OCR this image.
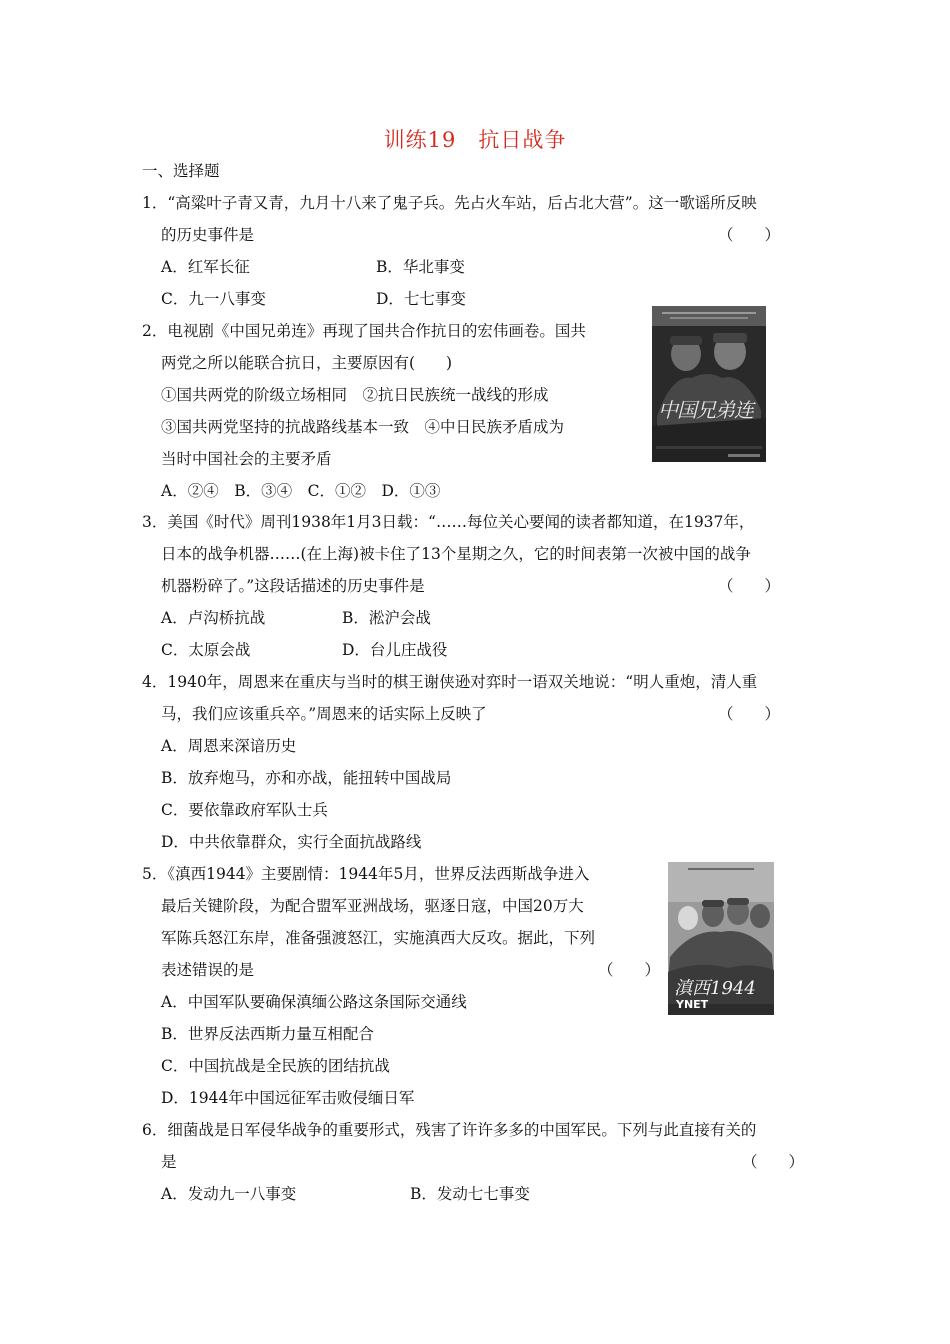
训练19 抗日战争
一、选择题
1．“高粱叶子青又青，九月十八来了鬼子兵。先占火车站，后占北大营”。这一歌谣所反映
的历史事件是	（　　）
A．红军长征	B．华北事变
C．九一八事变	D．七七事变
2．电视剧《中国兄弟连》再现了国共合作抗日的宏伟画卷。国共
两党之所以能联合抗日，主要原因有(　　)
①国共两党的阶级立场相同　②抗日民族统一战线的形成
③国共两党坚持的抗战路线基本一致　④中日民族矛盾成为
当时中国社会的主要矛盾
A．②④　B．③④　C．①②　D．①③
中国兄弟连
3．美国《时代》周刊1938年1月3日载：“……每位关心要闻的读者都知道，在1937年，
日本的战争机器……(在上海)被卡住了13个星期之久，它的时间表第一次被中国的战争
机器粉碎了。”这段话描述的历史事件是	（　　）
A．卢沟桥抗战	B．淞沪会战
C．太原会战	D．台儿庄战役
4．1940年，周恩来在重庆与当时的棋王谢侠逊对弈时一语双关地说：“明人重炮，清人重
马，我们应该重兵卒。”周恩来的话实际上反映了	（　　）
A．周恩来深谙历史
B．放弃炮马，亦和亦战，能扭转中国战局
C．要依靠政府军队士兵
D．中共依靠群众，实行全面抗战路线
5．《滇西1944》主要剧情：1944年5月，世界反法西斯战争进入
最后关键阶段，为配合盟军亚洲战场，驱逐日寇，中国20万大
军陈兵怒江东岸，准备强渡怒江，实施滇西大反攻。据此，下列
表述错误的是	（　　）
A．中国军队要确保滇缅公路这条国际交通线
B．世界反法西斯力量互相配合
C．中国抗战是全民族的团结抗战
D．1944年中国远征军击败侵缅日军
滇西1944
YNET
6．细菌战是日军侵华战争的重要形式，残害了许许多多的中国军民。下列与此直接有关的
是	（　　）
A．发动九一八事变	B．发动七七事变
